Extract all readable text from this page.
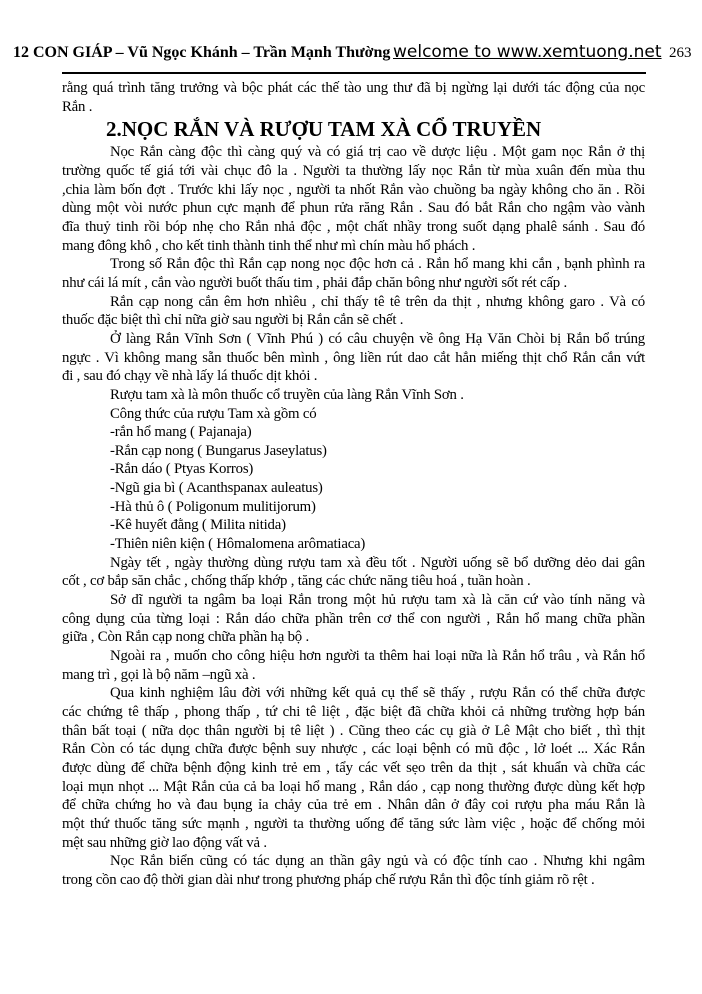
12 CON GIÁP – Vũ Ngọc Khánh – Trần Mạnh Thường welcome to www.xemtuong.net 263
rằng quá trình tăng trưởng và bộc phát các thế tào ung thư đã bị ngừng lại dưới tác động của nọc
Rắn .
2.NỌC RẮN VÀ RƯỢU TAM XÀ CỔ TRUYỀN
Nọc Rắn càng độc thì càng quý và có giá trị cao về dược liệu . Một gam nọc Rắn ở thị
trường quốc tế giá tới vài chục đô la . Người ta thường lấy nọc Rắn từ mùa xuân đến mùa thu
,chia làm bốn đợt . Trước khi lấy nọc , người ta nhốt Rắn vào chuồng ba ngày không cho ăn . Rồi
dùng một vòi nước phun cực mạnh để phun rửa răng Rắn . Sau đó bắt Rắn cho ngậm vào vành
đĩa thuỷ tinh rồi bóp nhẹ cho Rắn nhả độc , một chất nhầy trong suốt dạng phalê sánh . Sau đó
mang đông khô , cho kết tinh thành tinh thể như mì chín màu hổ phách .
Trong số Rắn độc thì Rắn cạp nong nọc độc hơn cả . Rắn hổ mang khi cắn , bạnh phình ra
như cái lá mít , cắn vào người buốt thấu tim , phải đắp chăn bông như người sốt rét cấp .
Rắn cạp nong cắn êm hơn nhìêu , chỉ thấy tê tê trên da thịt , nhưng không garo . Và có
thuốc đặc biệt thì chỉ nữa giờ sau người bị Rắn cắn sẽ chết .
Ở làng Rắn Vĩnh Sơn ( Vĩnh Phú ) có câu chuyện về ông Hạ Văn Chòi bị Rắn bổ trúng
ngực . Vì không mang sẵn thuốc bên mình , ông liền rút dao cắt hẳn miếng thịt chổ Rắn cắn vứt
đi , sau đó chạy về nhà lấy lá thuốc dịt khỏi .
Rượu tam xà là môn thuốc cổ truyền của làng Rắn Vĩnh Sơn .
Công thức của rượu Tam xà gồm có
-rắn hổ mang ( Pajanaja)
-Rắn cạp nong ( Bungarus Jaseylatus)
-Rắn dáo ( Ptyas Korros)
-Ngũ gia bì ( Acanthspanax auleatus)
-Hà thủ ô ( Poligonum mulitijorum)
-Kê huyết đằng ( Milita nitida)
-Thiên niên kiện ( Hômalomena arômatiaca)
Ngày tết , ngày thường dùng rượu tam xà đều tốt . Người uống sẽ bổ dưỡng dẻo dai gân
cốt , cơ bắp săn chắc , chống thấp khớp , tăng các chức năng tiêu hoá , tuần hoàn .
Sở dĩ người ta ngâm ba loại Rắn trong một hủ rượu tam xà là căn cứ vào tính năng và
công dụng của từng loại : Rắn dáo chữa phần trên cơ thể con người , Rắn hổ mang chữa phần
giữa , Còn Rắn cạp nong chữa phần hạ bộ .
Ngoài ra , muốn cho công hiệu hơn người ta thêm hai loại nữa là Rắn hổ trâu , và Rắn hổ
mang trì , gọi là bộ năm –ngũ xà .
Qua kinh nghiệm lâu đời với những kết quả cụ thể sẽ thấy , rượu Rắn có thể chữa được
các chứng tê thấp , phong thấp , tứ chi tê liệt , đặc biệt đã chữa khỏi cả những trường hợp bán
thân bất toại ( nữa dọc thân người bị tê liệt ) . Cũng theo các cụ già ở Lê Mật cho biết , thì thịt
Rắn Còn có tác dụng chữa được bệnh suy nhược , các loại bệnh có mũ độc , lở loét ... Xác Rắn
được dùng để chữa bệnh động kinh trẻ em , tẩy các vết sẹo trên da thịt , sát khuẩn và chữa các
loại mụn nhọt ... Mật Rắn của cả ba loại hổ mang , Rắn dáo , cạp nong thường được dùng kết hợp
để chữa chứng ho và đau bụng ỉa chảy của trẻ em . Nhân dân ở đây coi rượu pha máu Rắn là
một thứ thuốc tăng sức mạnh , người ta thường uống để tăng sức làm việc , hoặc để chống mỏi
mệt sau những giờ lao động vất vả .
Nọc Rắn biển cũng có tác dụng an thần gây ngủ và có độc tính cao . Nhưng khi ngâm
trong cồn cao độ thời gian dài như trong phương pháp chế rượu Rắn thì độc tính giảm rõ rệt .
